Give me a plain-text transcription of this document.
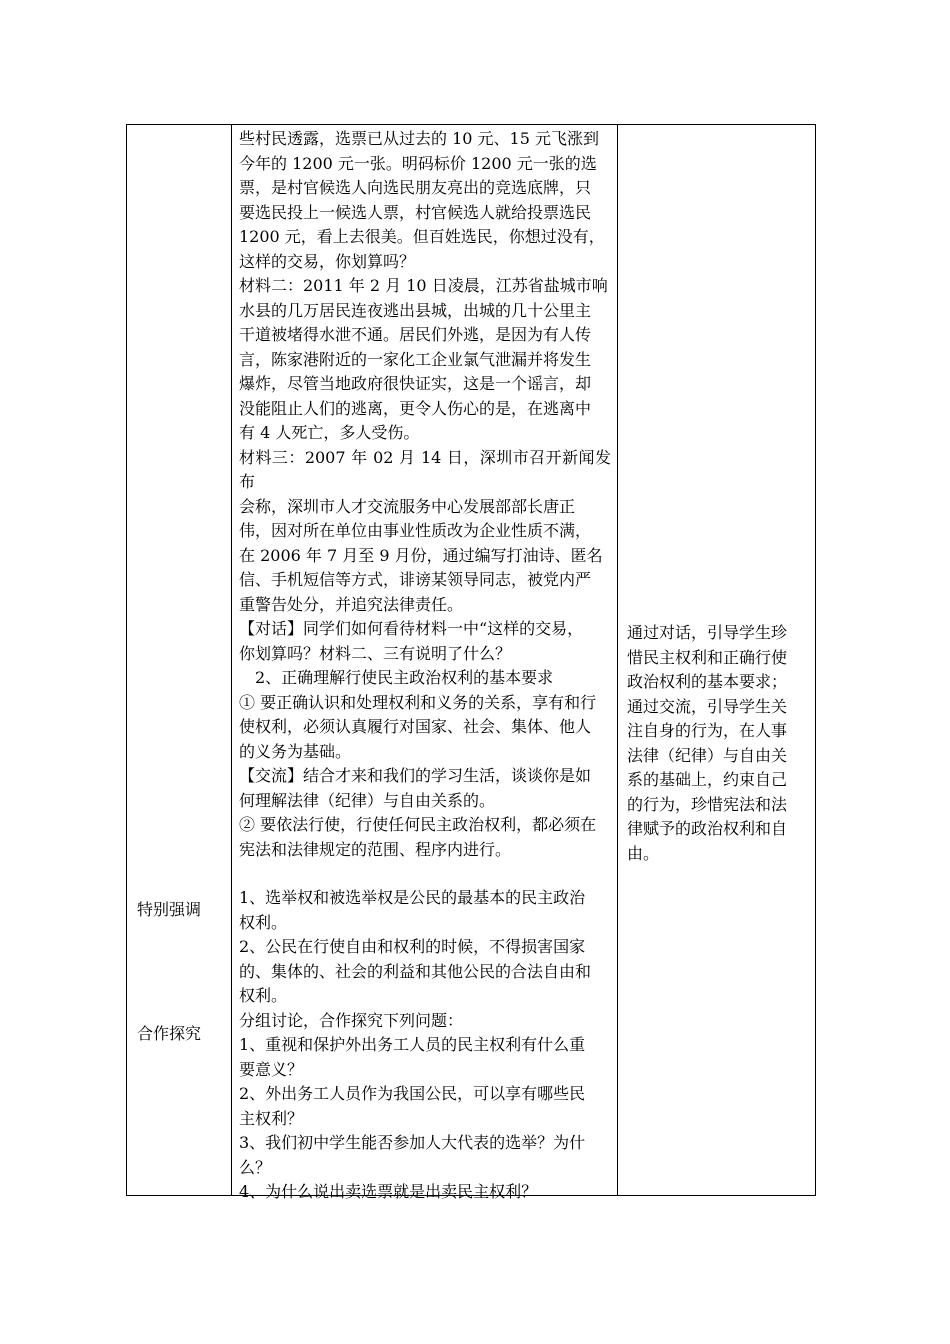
特别强调
合作探究
些村民透露，选票已从过去的 10 元、15 元飞涨到
今年的 1200 元一张。明码标价 1200 元一张的选
票，是村官候选人向选民朋友亮出的竞选底牌，只
要选民投上一候选人票，村官候选人就给投票选民
1200 元，看上去很美。但百姓选民，你想过没有，
这样的交易，你划算吗？
材料二：2011 年 2 月 10 日凌晨，江苏省盐城市响
水县的几万居民连夜逃出县城，出城的几十公里主
干道被堵得水泄不通。居民们外逃，是因为有人传
言，陈家港附近的一家化工企业氯气泄漏并将发生
爆炸，尽管当地政府很快证实，这是一个谣言，却
没能阻止人们的逃离，更令人伤心的是，在逃离中
有 4 人死亡，多人受伤。
材料三：2007 年 02 月 14 日，深圳市召开新闻发布
会称，深圳市人才交流服务中心发展部部长唐正
伟，因对所在单位由事业性质改为企业性质不满，
在 2006 年 7 月至 9 月份，通过编写打油诗、匿名
信、手机短信等方式，诽谤某领导同志，被党内严
重警告处分，并追究法律责任。
【对话】同学们如何看待材料一中“这样的交易，
你划算吗？材料二、三有说明了什么？
　2、正确理解行使民主政治权利的基本要求
① 要正确认识和处理权利和义务的关系，享有和行
使权利，必须认真履行对国家、社会、集体、他人
的义务为基础。
【交流】结合才来和我们的学习生活，谈谈你是如
何理解法律（纪律）与自由关系的。
② 要依法行使，行使任何民主政治权利，都必须在
宪法和法律规定的范围、程序内进行。
1、选举权和被选举权是公民的最基本的民主政治
权利。
2、公民在行使自由和权利的时候，不得损害国家
的、集体的、社会的利益和其他公民的合法自由和
权利。
分组讨论，合作探究下列问题：
1、重视和保护外出务工人员的民主权利有什么重
要意义？
2、外出务工人员作为我国公民，可以享有哪些民
主权利？
3、我们初中学生能否参加人大代表的选举？为什
么？
4、为什么说出卖选票就是出卖民主权利？
通过对话，引导学生珍
惜民主权利和正确行使
政治权利的基本要求；
通过交流，引导学生关
注自身的行为，在人事
法律（纪律）与自由关
系的基础上，约束自己
的行为，珍惜宪法和法
律赋予的政治权利和自
由。
